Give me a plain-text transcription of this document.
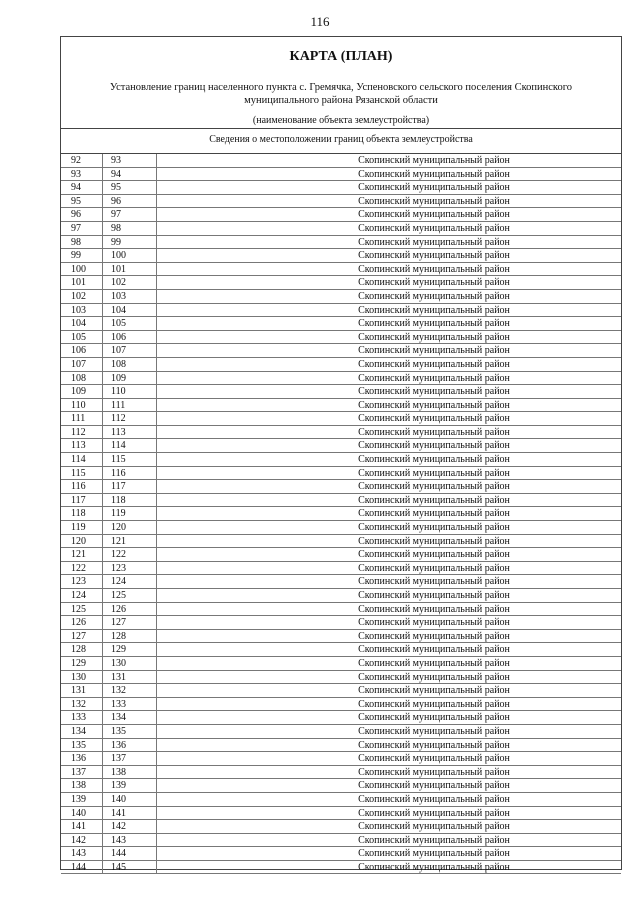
116
КАРТА (ПЛАН)
Установление границ населенного пункта с. Гремячка, Успеновского сельского поселения Скопинского муниципального района Рязанской области
(наименование объекта землеустройства)
Сведения о местоположении границ объекта землеустройства
92	93	Скопинский муниципальный район
93	94	Скопинский муниципальный район
94	95	Скопинский муниципальный район
95	96	Скопинский муниципальный район
96	97	Скопинский муниципальный район
97	98	Скопинский муниципальный район
98	99	Скопинский муниципальный район
99	100	Скопинский муниципальный район
100	101	Скопинский муниципальный район
101	102	Скопинский муниципальный район
102	103	Скопинский муниципальный район
103	104	Скопинский муниципальный район
104	105	Скопинский муниципальный район
105	106	Скопинский муниципальный район
106	107	Скопинский муниципальный район
107	108	Скопинский муниципальный район
108	109	Скопинский муниципальный район
109	110	Скопинский муниципальный район
110	111	Скопинский муниципальный район
111	112	Скопинский муниципальный район
112	113	Скопинский муниципальный район
113	114	Скопинский муниципальный район
114	115	Скопинский муниципальный район
115	116	Скопинский муниципальный район
116	117	Скопинский муниципальный район
117	118	Скопинский муниципальный район
118	119	Скопинский муниципальный район
119	120	Скопинский муниципальный район
120	121	Скопинский муниципальный район
121	122	Скопинский муниципальный район
122	123	Скопинский муниципальный район
123	124	Скопинский муниципальный район
124	125	Скопинский муниципальный район
125	126	Скопинский муниципальный район
126	127	Скопинский муниципальный район
127	128	Скопинский муниципальный район
128	129	Скопинский муниципальный район
129	130	Скопинский муниципальный район
130	131	Скопинский муниципальный район
131	132	Скопинский муниципальный район
132	133	Скопинский муниципальный район
133	134	Скопинский муниципальный район
134	135	Скопинский муниципальный район
135	136	Скопинский муниципальный район
136	137	Скопинский муниципальный район
137	138	Скопинский муниципальный район
138	139	Скопинский муниципальный район
139	140	Скопинский муниципальный район
140	141	Скопинский муниципальный район
141	142	Скопинский муниципальный район
142	143	Скопинский муниципальный район
143	144	Скопинский муниципальный район
144	145	Скопинский муниципальный район
